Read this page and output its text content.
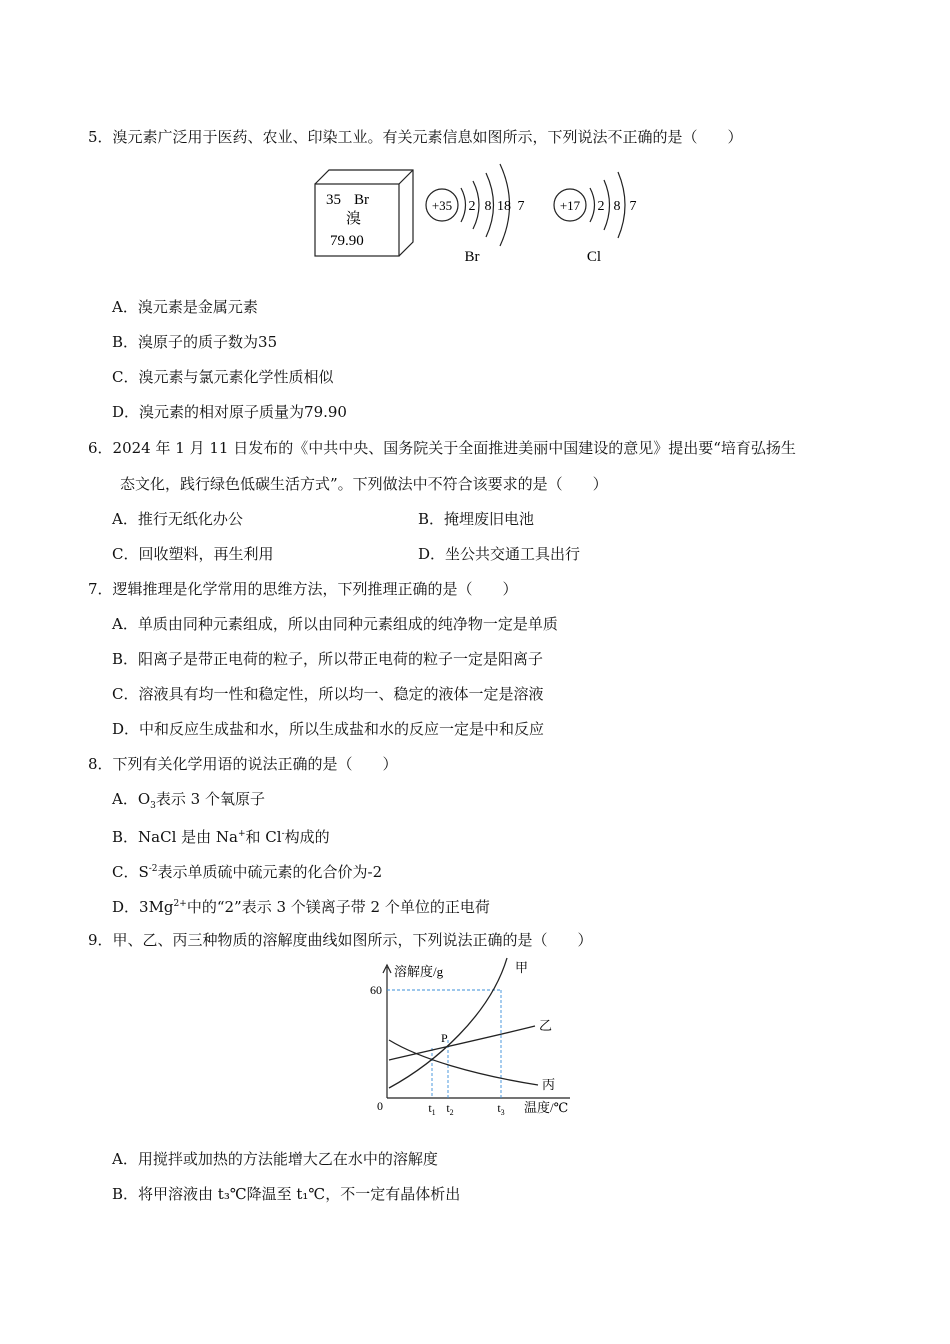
5．溴元素广泛用于医药、农业、印染工业。有关元素信息如图所示，下列说法不正确的是（　　）
35 Br
溴
79.90
+35 2 8 18 7
Br
+17 2 8 7
Cl
A．溴元素是金属元素
B．溴原子的质子数为35
C．溴元素与氯元素化学性质相似
D．溴元素的相对原子质量为79.90
6．2024 年 1 月 11 日发布的《中共中央、国务院关于全面推进美丽中国建设的意见》提出要“培育弘扬生
态文化，践行绿色低碳生活方式”。下列做法中不符合该要求的是（　　）
A．推行无纸化办公	B．掩埋废旧电池
C．回收塑料，再生利用	D．坐公共交通工具出行
7．逻辑推理是化学常用的思维方法，下列推理正确的是（　　）
A．单质由同种元素组成，所以由同种元素组成的纯净物一定是单质
B．阳离子是带正电荷的粒子，所以带正电荷的粒子一定是阳离子
C．溶液具有均一性和稳定性，所以均一、稳定的液体一定是溶液
D．中和反应生成盐和水，所以生成盐和水的反应一定是中和反应
8．下列有关化学用语的说法正确的是（　　）
A．$O_3$表示 3 个氧原子
B．NaCl 是由 Na+和 Cl-构成的
C．$S^{-2}$表示单质硫中硫元素的化合价为-2
D．$3Mg^{2+}$中的“2”表示 3 个镁离子带 2 个单位的正电荷
9．甲、乙、丙三种物质的溶解度曲线如图所示，下列说法正确的是（　　）
溶解度/g
温度/℃
0
60
$t_1$ $t_2$	$t_3$
P
甲
乙
丙
A．用搅拌或加热的方法能增大乙在水中的溶解度
B．将甲溶液由 t₃℃降温至 t₁℃，不一定有晶体析出
